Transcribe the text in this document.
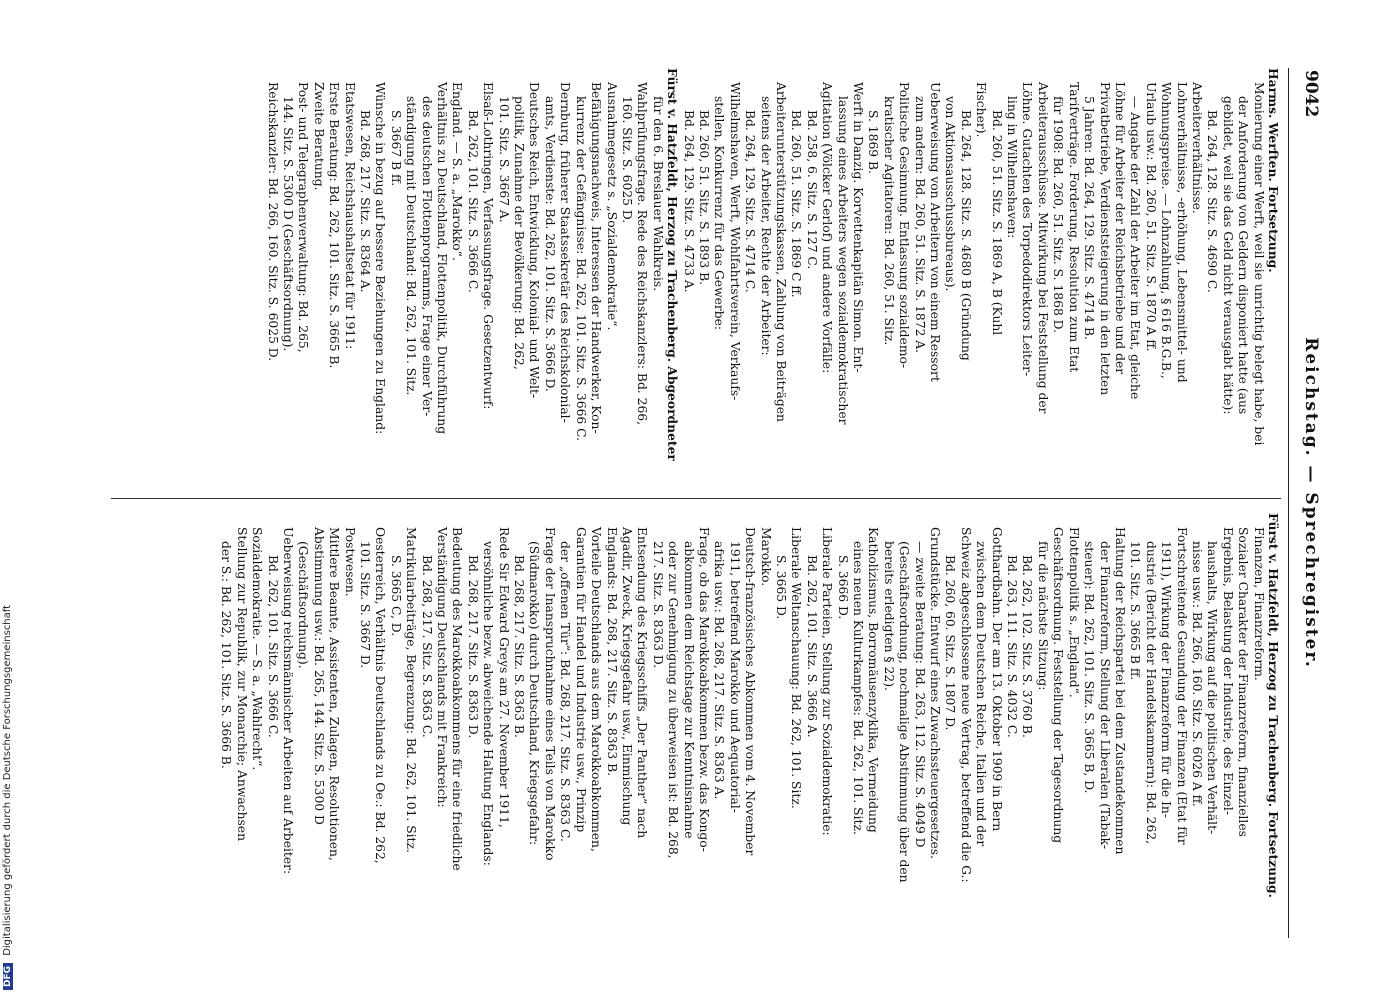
9042
Reichstag. — Sprechregister.
Harms. Werften. Fortsetzung.
Monierung einer Werft, weil sie unrichtig belegt habe, bei
der Anforderung von Geldern disponiert hatte (aus
gebildet, weil sie das Geld nicht verausgabt hätte):
Bd. 264, 128. Sitz. S. 4690 C.
Arbeiterverhältnisse.
Lohnverhältnisse, -erhöhung, Lebensmittel- und
Wohnungspreise. — Lohnzahlung, § 616 B.G.B.,
Urlaub usw.: Bd. 260, 51. Sitz. S. 1870 A ff.
— Angabe der Zahl der Arbeiter im Etat, gleiche
Löhne für Arbeiter der Reichsbetriebe und der
Privatbetriebe, Verdienststeigerung in den letzten
5 Jahren: Bd. 264, 129. Sitz. S. 4714 B.
Tarifverträge. Forderung, Resolution zum Etat
für 1908: Bd. 260, 51. Sitz. S. 1868 D.
Arbeiterausschüsse. Mitwirkung bei Feststellung der
Löhne. Gutachten des Torpedodirektors Leiter-
ling in Wilhelmshaven:
Bd. 260, 51. Sitz. S. 1869 A, B (Kuhl
Fischer).
Bd. 264, 128. Sitz. S. 4680 B (Gründung
von Aktionsausschussbureaus).
Ueberweisung von Arbeitern von einem Ressort
zum andern: Bd. 260, 51. Sitz. S. 1872 A.
Politische Gesinnung. Entlassung sozialdemo-
kratischer Agitatoren: Bd. 260, 51. Sitz.
S. 1869 B.
Werft in Danzig. Korvettenkapitän Simon. Ent-
lassung eines Arbeiters wegen sozialdemokratischer
Agitation (Völcker Gerlof) und andere Vorfälle:
Bd. 258, 6. Sitz. S. 127 C.
Bd. 260, 51. Sitz. S. 1869 C ff.
Arbeiterunterstützungskassen, Zahlung von Beiträgen
seitens der Arbeiter, Rechte der Arbeiter:
Bd. 264, 129. Sitz. S. 4714 C.
Wilhelmshaven, Werft, Wohlfahrtsverein, Verkaufs-
stellen, Konkurrenz für das Gewerbe:
Bd. 260, 51. Sitz. S. 1893 B.
Bd. 264, 129. Sitz. S. 4733 A.
Fürst v. Hatzfeldt, Herzog zu Trachenberg. Abgeordneter
für den 6. Breslauer Wahlkreis.
Wahlprüfungsfrage. Rede des Reichskanzlers: Bd. 266,
160. Sitz. S. 6025 D.
Ausnahmegesetz s. „Sozialdemokratie“.
Befähigungsnachweis, Interessen der Handwerker, Kon-
kurrenz der Gefängnisse: Bd. 262, 101. Sitz. S. 3666 C.
Dernburg, früherer Staatssekretär des Reichskolonial-
amts, Verdienste: Bd. 262, 101. Sitz. S. 3666 D.
Deutsches Reich, Entwicklung, Kolonial- und Welt-
politik, Zunahme der Bevölkerung: Bd. 262,
101. Sitz. S. 3667 A.
Elsaß-Lothringen, Verfassungsfrage. Gesetzentwurf:
Bd. 262, 101. Sitz. S. 3666 C.
England. — S. a. „Marokko“.
Verhältnis zu Deutschland, Flottenpolitik, Durchführung
des deutschen Flottenprogramms, Frage einer Ver-
ständigung mit Deutschland: Bd. 262, 101. Sitz.
S. 3667 B ff.
Wünsche in bezug auf bessere Beziehungen zu England:
Bd. 268, 217. Sitz. S. 8364 A.
Etatswesen, Reichshaushaltsetat für 1911:
Erste Beratung: Bd. 262, 101. Sitz. S. 3665 B.
Zweite Beratung.
Post- und Telegraphenverwaltung: Bd. 265,
144. Sitz. S. 5300 D (Geschäftsordnung).
Reichskanzler: Bd. 266, 160. Sitz. S. 6025 D.
Fürst v. Hatzfeldt, Herzog zu Trachenberg. Fortsetzung.
Finanzen, Finanzreform.
Sozialer Charakter der Finanzreform, finanzielles
Ergebnis, Belastung der Industrie, des Einzel-
haushalts, Wirkung auf die politischen Verhält-
nisse usw.: Bd. 266, 160. Sitz. S. 6026 A ff.
Fortschreitende Gesundung der Finanzen (Etat für
1911), Wirkung der Finanzreform für die In-
dustrie (Bericht der Handelskammern): Bd. 262,
101. Sitz. S. 3665 B ff.
Haltung der Reichspartei bei dem Zustandekommen
der Finanzreform, Stellung der Liberalen (Tabak-
steuer): Bd. 262, 101. Sitz. S. 3665 B, D.
Flottenpolitik s. „England“.
Geschäftsordnung. Feststellung der Tagesordnung
für die nächste Sitzung:
Bd. 262, 102. Sitz. S. 3760 B.
Bd. 263, 111. Sitz. S. 4032 C.
Gotthardbahn. Der am 13. Oktober 1909 in Bern
zwischen dem Deutschen Reiche, Italien und der
Schweiz abgeschlossene neue Vertrag, betreffend die G.:
Bd. 260, 60. Sitz. S. 1807 D.
Grundstücke. Entwurf eines Zuwachssteuergesetzes.
— zweite Beratung: Bd. 263, 112. Sitz. S. 4049 D
(Geschäftsordnung, nochmalige Abstimmung über den
bereits erledigten § 22).
Katholizismus, Borromäusenzyklika, Vermeidung
eines neuen Kulturkampfes: Bd. 262, 101. Sitz.
S. 3666 D.
Liberale Parteien, Stellung zur Sozialdemokratie:
Bd. 262, 101. Sitz. S. 3666 A.
Liberale Weltanschauung: Bd. 262, 101. Sitz.
S. 3665 D.
Marokko.
Deutsch-französisches Abkommen vom 4. November
1911, betreffend Marokko und Aequatorial-
afrika usw.: Bd. 268, 217. Sitz. S. 8363 A.
Frage, ob das Marokkoabkommen bezw. das Kongo-
abkommen dem Reichstage zur Kenntnisnahme
oder zur Genehmigung zu überweisen ist: Bd. 268,
217. Sitz. S. 8363 D.
Entsendung des Kriegsschiffs „Der Panther“ nach
Agadir, Zweck, Kriegsgefahr usw., Einmischung
Englands: Bd. 268, 217. Sitz. S. 8363 B.
Vorteile Deutschlands aus dem Marokkoabkommen,
Garantien für Handel und Industrie usw., Prinzip
der „offenen Tür“: Bd. 268, 217. Sitz. S. 8363 C.
Frage der Inanspruchnahme eines Teils von Marokko
(Südmarokko) durch Deutschland, Kriegsgefahr:
Bd. 268, 217. Sitz. S. 8363 B.
Rede Sir Edward Greys am 27. November 1911,
versöhnliche bezw. abweichende Haltung Englands:
Bd. 268, 217. Sitz. S. 8363 D.
Bedeutung des Marokkoabkommens für eine friedliche
Verständigung Deutschlands mit Frankreich:
Bd. 268, 217. Sitz. S. 8363 C.
Matrikularbeiträge, Begrenzung: Bd. 262, 101. Sitz.
S. 3665 C, D.
Oesterreich, Verhältnis Deutschlands zu Oe.: Bd. 262,
101. Sitz. S. 3667 D.
Postwesen.
Mittlere Beamte, Assistenten, Zulagen, Resolutionen,
Abstimmung usw.: Bd. 265, 144. Sitz. S. 5300 D
(Geschäftsordnung).
Ueberweisung reichsmännischer Arbeiten auf Arbeiter:
Bd. 262, 101. Sitz. S. 3666 C.
Sozialdemokratie. — S. a. „Wahlrecht“.
Stellung zur Republik, zur Monarchie; Anwachsen
der S.: Bd. 262, 101. Sitz. S. 3666 B.
DFG Digitalisierung gefördert durch die Deutsche Forschungsgemeinschaft
